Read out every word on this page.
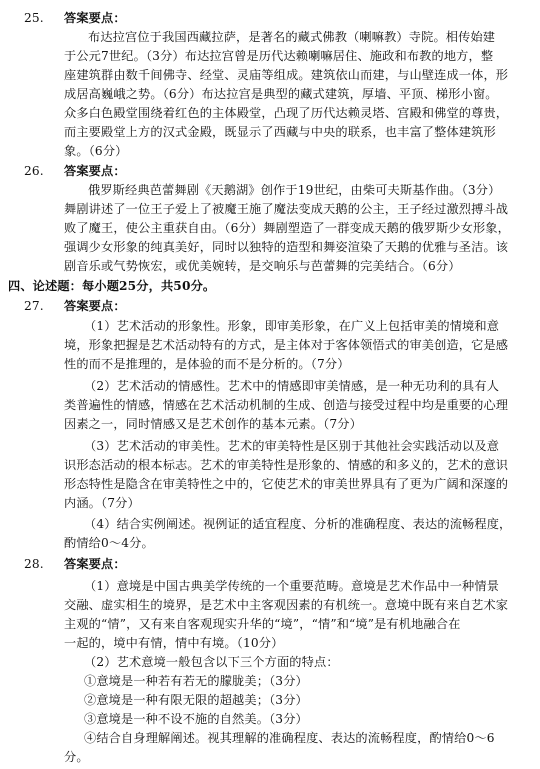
25. 答案要点：
布达拉宫位于我国西藏拉萨，是著名的藏式佛教（喇嘛教）寺院。相传始建
于公元7世纪。（3分）布达拉宫曾是历代达赖喇嘛居住、施政和布教的地方，整
座建筑群由数千间佛寺、经堂、灵庙等组成。建筑依山而建，与山壁连成一体，形
成居高巍峨之势。（6分）布达拉宫是典型的藏式建筑，厚墙、平顶、梯形小窗。
众多白色殿堂围绕着红色的主体殿堂，凸现了历代达赖灵塔、宫殿和佛堂的尊贵，
而主要殿堂上方的汉式金殿，既显示了西藏与中央的联系，也丰富了整体建筑形
象。（6分）
26. 答案要点：
俄罗斯经典芭蕾舞剧《天鹅湖》创作于19世纪，由柴可夫斯基作曲。（3分）
舞剧讲述了一位王子爱上了被魔王施了魔法变成天鹅的公主，王子经过激烈搏斗战
败了魔王，使公主重获自由。（6分）舞剧塑造了一群变成天鹅的俄罗斯少女形象，
强调少女形象的纯真美好，同时以独特的造型和舞姿渲染了天鹅的优雅与圣洁。该
剧音乐或气势恢宏，或优美婉转，是交响乐与芭蕾舞的完美结合。（6分）
四、论述题：每小题25分，共50分。
27. 答案要点：
（1）艺术活动的形象性。形象，即审美形象，在广义上包括审美的情境和意
境，形象把握是艺术活动特有的方式，是主体对于客体领悟式的审美创造，它是感
性的而不是推理的，是体验的而不是分析的。（7分）
（2）艺术活动的情感性。艺术中的情感即审美情感，是一种无功利的具有人
类普遍性的情感，情感在艺术活动机制的生成、创造与接受过程中均是重要的心理
因素之一，同时情感又是艺术创作的基本元素。（7分）
（3）艺术活动的审美性。艺术的审美特性是区别于其他社会实践活动以及意
识形态活动的根本标志。艺术的审美特性是形象的、情感的和多义的，艺术的意识
形态特性是隐含在审美特性之中的，它使艺术的审美世界具有了更为广阔和深邃的
内涵。（7分）
（4）结合实例阐述。视例证的适宜程度、分析的准确程度、表达的流畅程度，
酌情给0～4分。
28. 答案要点：
（1）意境是中国古典美学传统的一个重要范畴。意境是艺术作品中一种情景
交融、虚实相生的境界，是艺术中主客观因素的有机统一。意境中既有来自艺术家
主观的“情”，又有来自客观现实升华的“境”，“情”和“境”是有机地融合在
一起的，境中有情，情中有境。（10分）
（2）艺术意境一般包含以下三个方面的特点：
①意境是一种若有若无的朦胧美；（3分）
②意境是一种有限无限的超越美；（3分）
③意境是一种不设不施的自然美。（3分）
④结合自身理解阐述。视其理解的准确程度、表达的流畅程度，酌情给0～6
分。
